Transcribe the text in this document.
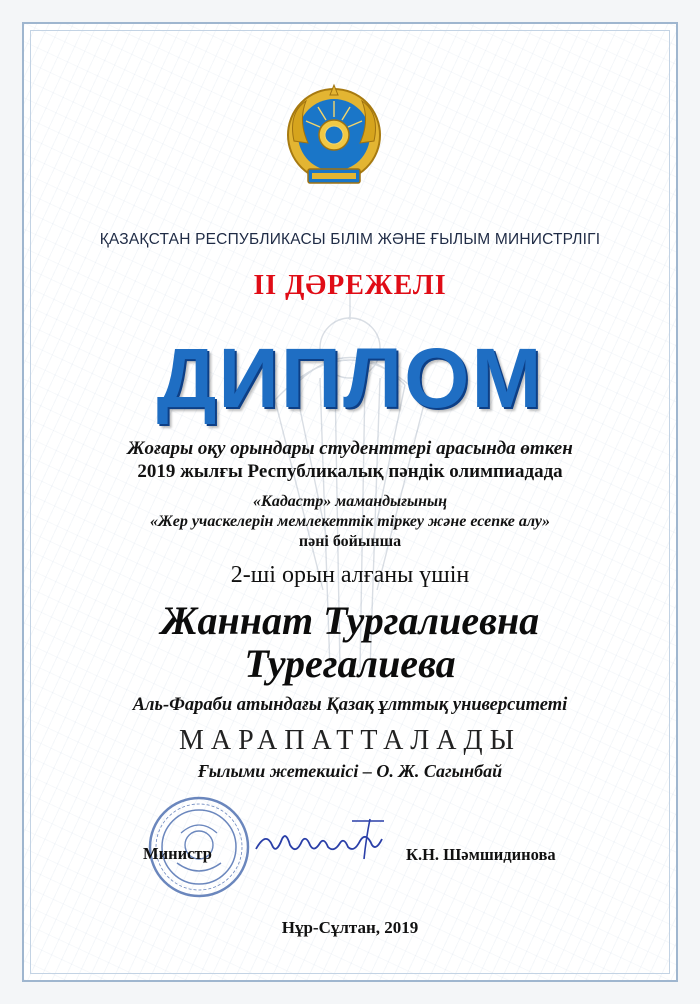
ҚАЗАҚСТАН РЕСПУБЛИКАСЫ БІЛІМ ЖӘНЕ ҒЫЛЫМ МИНИСТРЛІГІ
II ДӘРЕЖЕЛІ
ДИПЛОМ
Жоғары оқу орындары студенттері арасында өткен
2019 жылғы Республикалық пәндік олимпиадада
«Кадастр» мамандығының
«Жер учаскелерін мемлекеттік тіркеу және есепке алу»
пәні бойынша
2-ші орын алғаны үшін
Жаннат Тургалиевна
Турегалиева
Аль-Фараби атындағы Қазақ ұлттық университеті
МАРАПАТТАЛАДЫ
Ғылыми жетекшісі – О. Ж. Сагынбай
Министр	К.Н. Шәмшидинова
Нұр-Сұлтан, 2019
